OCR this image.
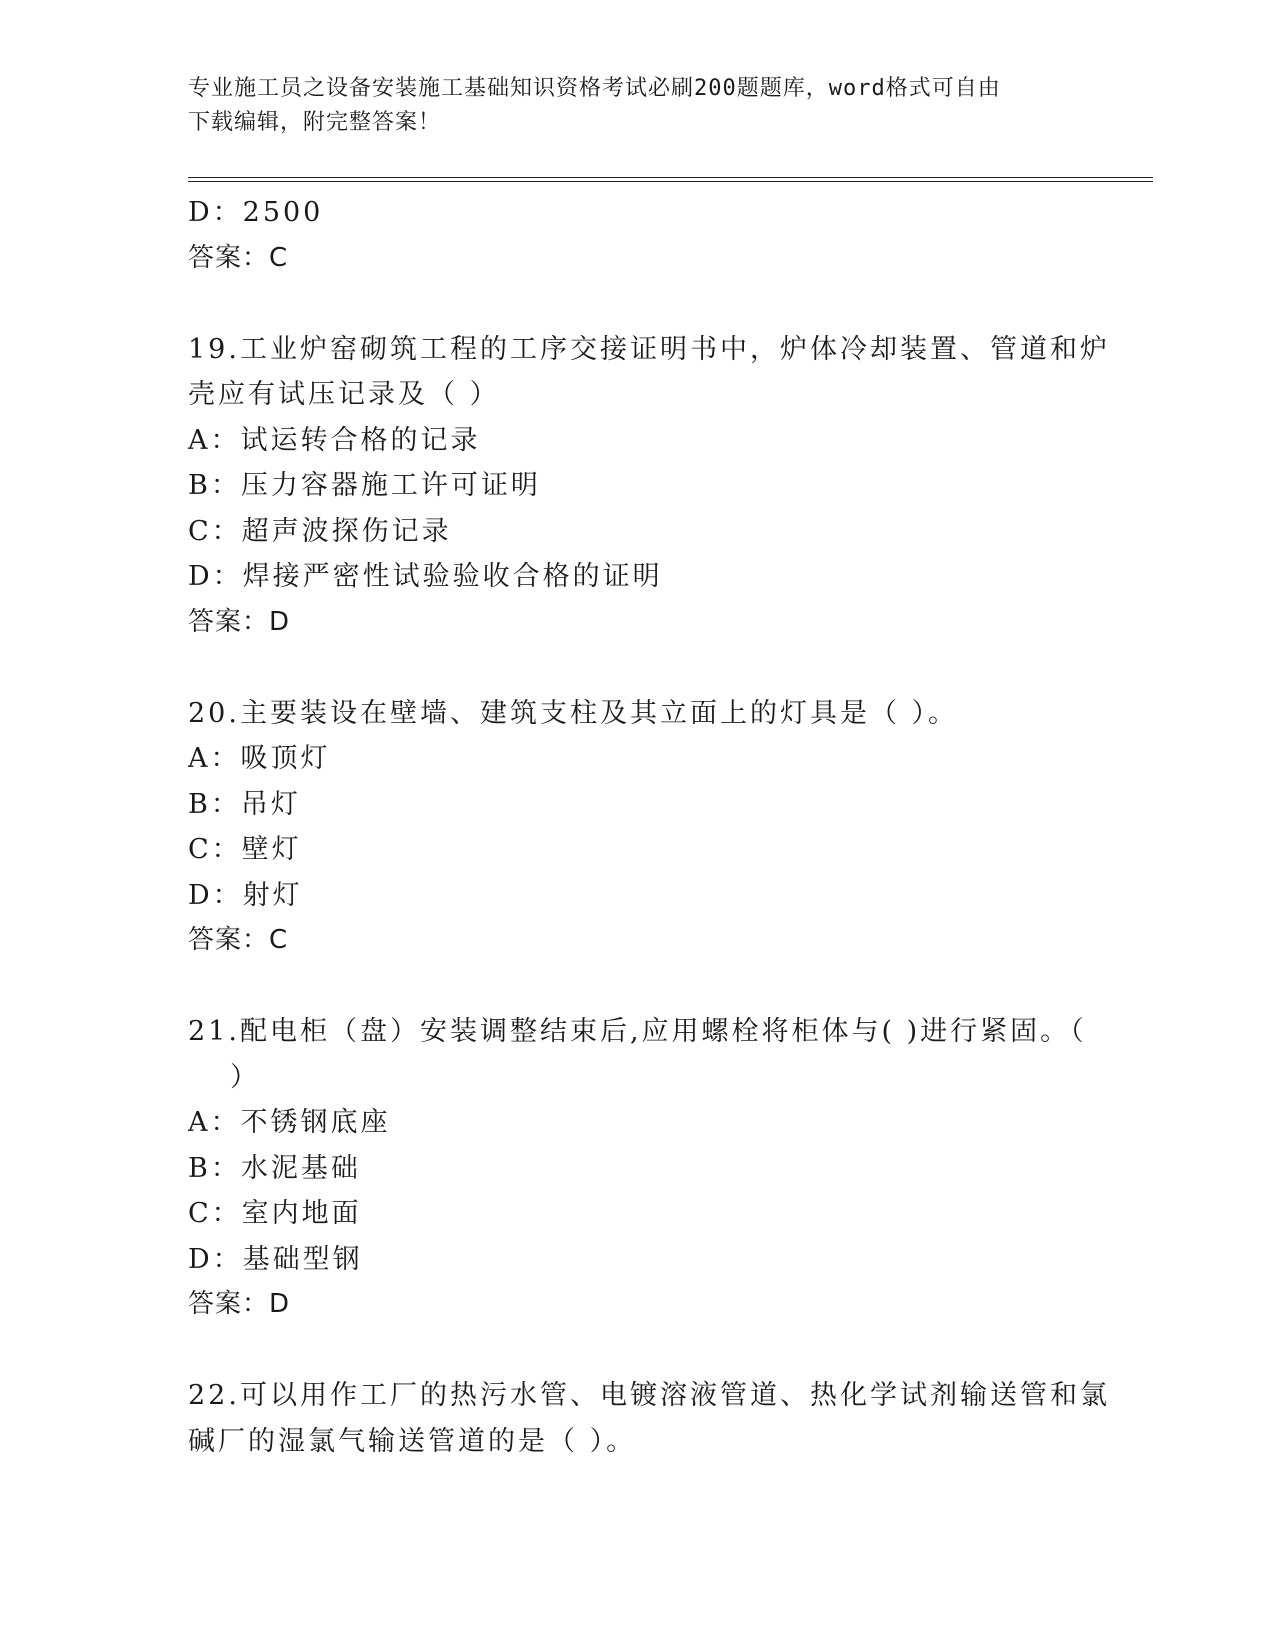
专业施工员之设备安装施工基础知识资格考试必刷200题题库，word格式可自由
下载编辑，附完整答案！
D：2500
答案：C
19.工业炉窑砌筑工程的工序交接证明书中，炉体冷却装置、管道和炉
壳应有试压记录及（ ）
A：试运转合格的记录
B：压力容器施工许可证明
C：超声波探伤记录
D：焊接严密性试验验收合格的证明
答案：D
20.主要装设在壁墙、建筑支柱及其立面上的灯具是（ ）。
A：吸顶灯
B：吊灯
C：壁灯
D：射灯
答案：C
21.配电柜（盘）安装调整结束后,应用螺栓将柜体与( )进行紧固。（
）
A：不锈钢底座
B：水泥基础
C：室内地面
D：基础型钢
答案：D
22.可以用作工厂的热污水管、电镀溶液管道、热化学试剂输送管和氯
碱厂的湿氯气输送管道的是（ ）。
